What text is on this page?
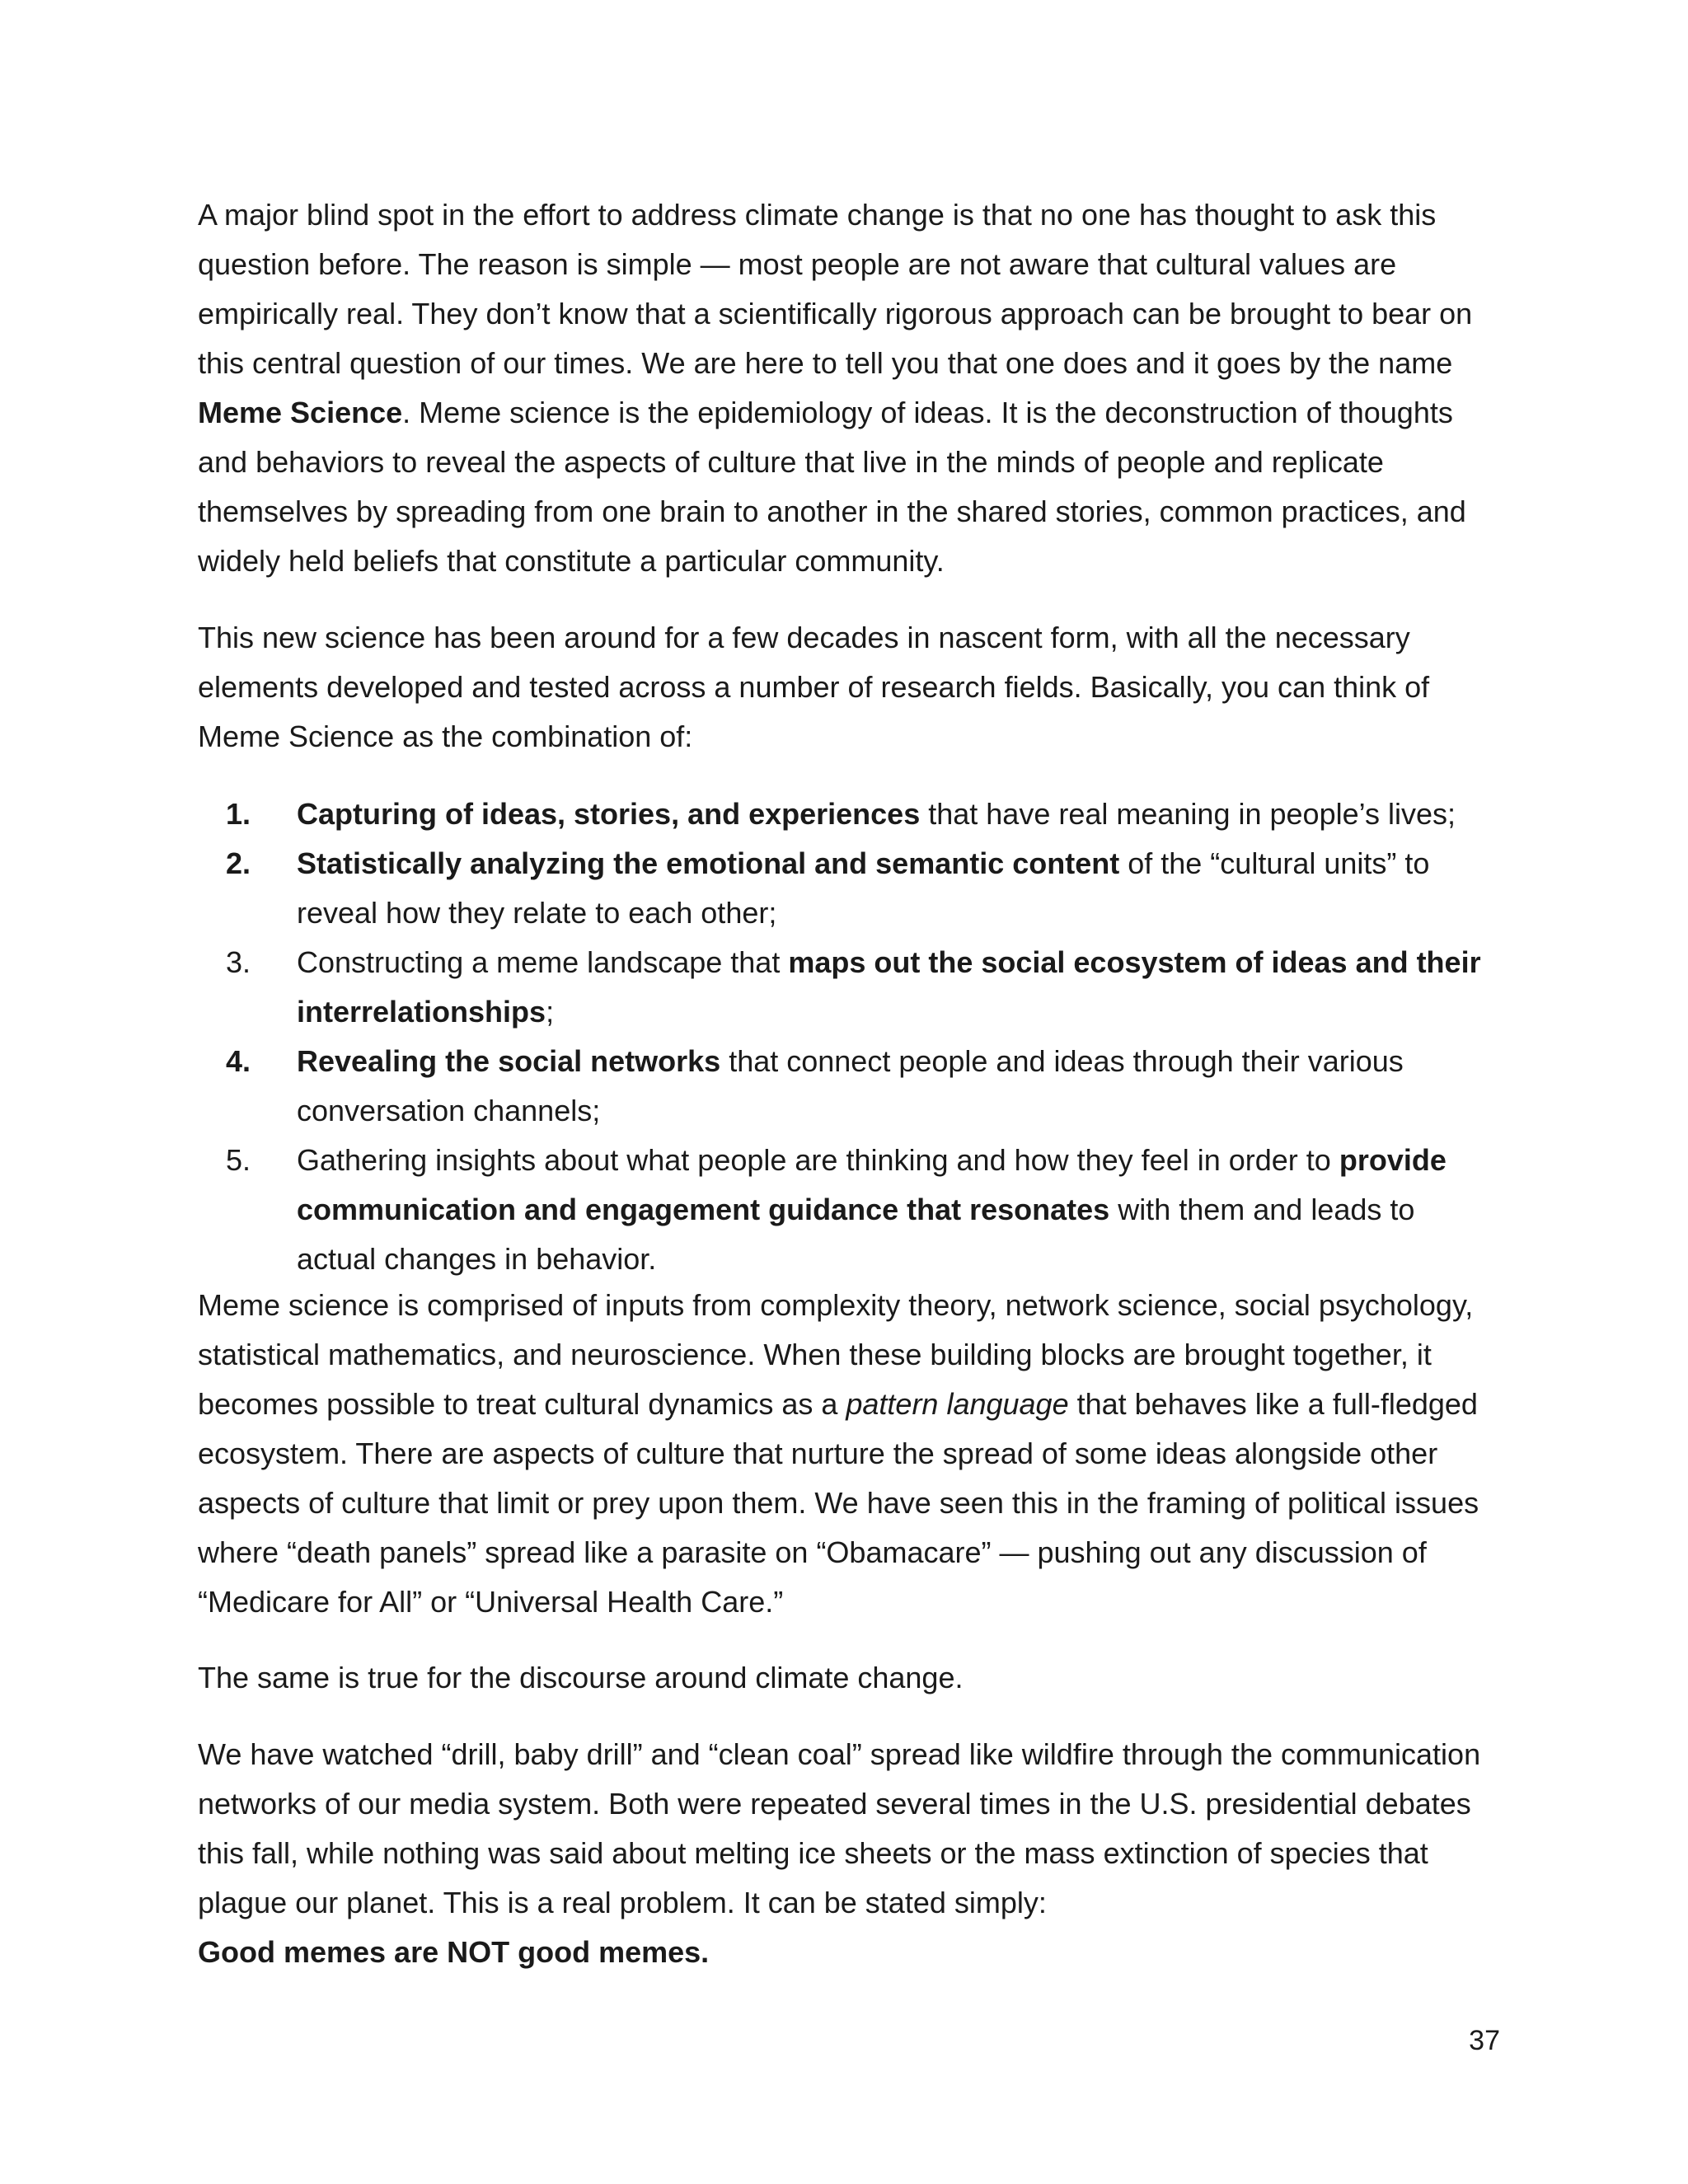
A major blind spot in the effort to address climate change is that no one has thought to ask this question before. The reason is simple — most people are not aware that cultural values are empirically real. They don’t know that a scientifically rigorous approach can be brought to bear on this central question of our times. We are here to tell you that one does and it goes by the name Meme Science. Meme science is the epidemiology of ideas. It is the deconstruction of thoughts and behaviors to reveal the aspects of culture that live in the minds of people and replicate themselves by spreading from one brain to another in the shared stories, common practices, and widely held beliefs that constitute a particular community.

This new science has been around for a few decades in nascent form, with all the necessary elements developed and tested across a number of research fields. Basically, you can think of Meme Science as the combination of:

1. Capturing of ideas, stories, and experiences that have real meaning in people’s lives;
2. Statistically analyzing the emotional and semantic content of the “cultural units” to reveal how they relate to each other;
3. Constructing a meme landscape that maps out the social ecosystem of ideas and their interrelationships;
4. Revealing the social networks that connect people and ideas through their various conversation channels;
5. Gathering insights about what people are thinking and how they feel in order to provide communication and engagement guidance that resonates with them and leads to actual changes in behavior.

Meme science is comprised of inputs from complexity theory, network science, social psychology, statistical mathematics, and neuroscience. When these building blocks are brought together, it becomes possible to treat cultural dynamics as a pattern language that behaves like a full-fledged ecosystem. There are aspects of culture that nurture the spread of some ideas alongside other aspects of culture that limit or prey upon them. We have seen this in the framing of political issues where “death panels” spread like a parasite on “Obamacare” — pushing out any discussion of “Medicare for All” or “Universal Health Care.”

The same is true for the discourse around climate change.

We have watched “drill, baby drill” and “clean coal” spread like wildfire through the communication networks of our media system. Both were repeated several times in the U.S. presidential debates this fall, while nothing was said about melting ice sheets or the mass extinction of species that plague our planet. This is a real problem. It can be stated simply:
Good memes are NOT good memes.

37
